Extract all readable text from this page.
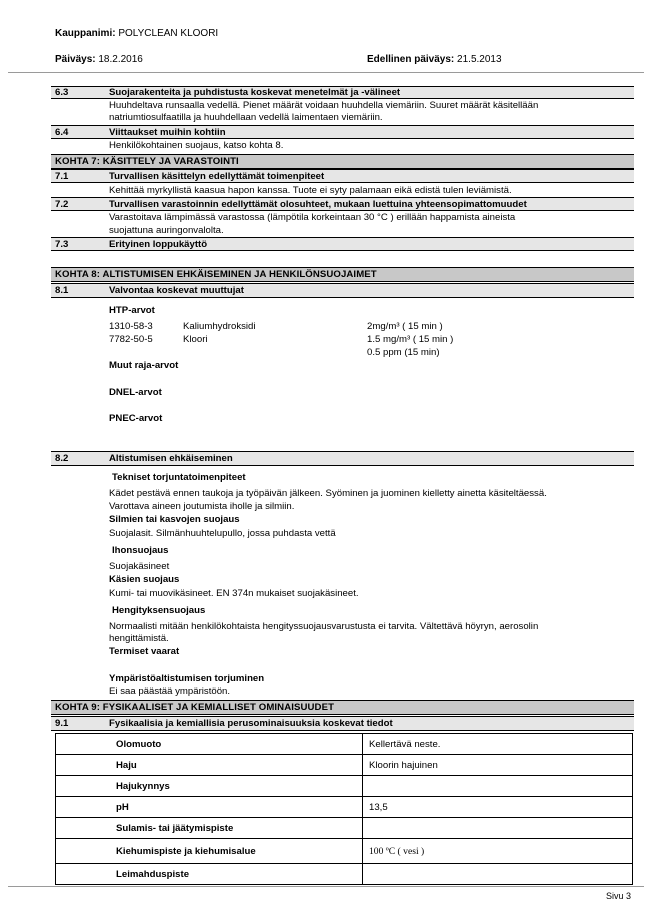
Kauppanimi: POLYCLEAN KLOORI
Päiväys: 18.2.2016	Edellinen päiväys: 21.5.2013
6.3	Suojarakenteita ja puhdistusta koskevat menetelmät ja -välineet
Huuhdeltava runsaalla vedellä. Pienet määrät voidaan huuhdella viemäriin. Suuret määrät käsitellään
natriumtiosulfaatilla ja huuhdellaan vedellä laimentaen viemäriin.
6.4	Viittaukset muihin kohtiin
Henkilökohtainen suojaus, katso kohta 8.
KOHTA 7: KÄSITTELY JA VARASTOINTI
7.1	Turvallisen käsittelyn edellyttämät toimenpiteet
Kehittää myrkyllistä kaasua hapon kanssa. Tuote ei syty palamaan eikä edistä tulen leviämistä.
7.2	Turvallisen varastoinnin edellyttämät olosuhteet, mukaan luettuina yhteensopimattomuudet
Varastoitava lämpimässä varastossa (lämpötila korkeintaan 30 °C ) erillään happamista aineista
suojattuna auringonvalolta.
7.3	Erityinen loppukäyttö
KOHTA 8: ALTISTUMISEN EHKÄISEMINEN JA HENKILÖNSUOJAIMET
8.1	Valvontaa koskevat muuttujat
HTP-arvot
1310-58-3	Kaliumhydroksidi	2mg/m³ ( 15 min )
7782-50-5	Kloori	1.5 mg/m³ ( 15 min )
0.5 ppm (15 min)
Muut raja-arvot
DNEL-arvot
PNEC-arvot
8.2	Altistumisen ehkäiseminen
Tekniset torjuntatoimenpiteet
Kädet pestävä ennen taukoja ja työpäivän jälkeen. Syöminen ja juominen kielletty ainetta käsiteltäessä.
Varottava aineen joutumista iholle ja silmiin.
Silmien tai kasvojen suojaus
Suojalasit. Silmänhuuhtelupullo, jossa puhdasta vettä
Ihonsuojaus
Suojakäsineet
Käsien suojaus
Kumi- tai muovikäsineet. EN 374n mukaiset suojakäsineet.
Hengityksensuojaus
Normaalisti mitään henkilökohtaista hengityssuojausvarustusta ei tarvita. Vältettävä höyryn, aerosolin
hengittämistä.
Termiset vaarat
Ympäristöaltistumisen torjuminen
Ei saa päästää ympäristöön.
KOHTA 9: FYSIKAALISET JA KEMIALLISET OMINAISUUDET
9.1	Fysikaalisia ja kemiallisia perusominaisuuksia koskevat tiedot
Olomuoto	Kellertävä neste.
Haju	Kloorin hajuinen
Hajukynnys	
pH	13,5
Sulamis- tai jäätymispiste	
Kiehumispiste ja kiehumisalue	100 ºC ( vesi )
Leimahduspiste	
Sivu 3
